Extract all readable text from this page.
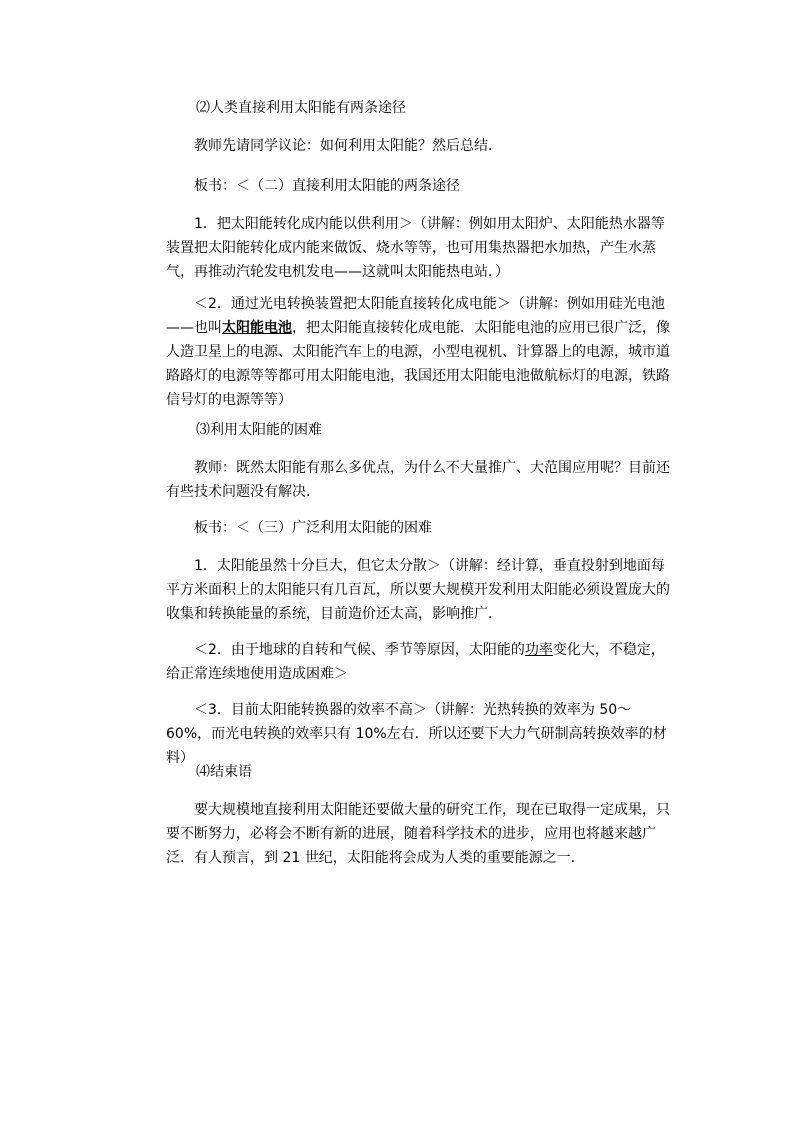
⑵人类直接利用太阳能有两条途径

教师先请同学议论：如何利用太阳能？然后总结．

板书：＜（二）直接利用太阳能的两条途径

1．把太阳能转化成内能以供利用＞（讲解：例如用太阳炉、太阳能热水器等装置把太阳能转化成内能来做饭、烧水等等，也可用集热器把水加热，产生水蒸气，再推动汽轮发电机发电——这就叫太阳能热电站．）

＜2．通过光电转换装置把太阳能直接转化成电能＞（讲解：例如用硅光电池——也叫太阳能电池，把太阳能直接转化成电能．太阳能电池的应用已很广泛，像人造卫星上的电源、太阳能汽车上的电源，小型电视机、计算器上的电源，城市道路路灯的电源等等都可用太阳能电池，我国还用太阳能电池做航标灯的电源，铁路信号灯的电源等等）

⑶利用太阳能的困难

教师：既然太阳能有那么多优点，为什么不大量推广、大范围应用呢？目前还有些技术问题没有解决．

板书：＜（三）广泛利用太阳能的困难

1．太阳能虽然十分巨大，但它太分散＞（讲解：经计算，垂直投射到地面每平方米面积上的太阳能只有几百瓦，所以要大规模开发利用太阳能必须设置庞大的收集和转换能量的系统，目前造价还太高，影响推广．

＜2．由于地球的自转和气候、季节等原因，太阳能的功率变化大，不稳定，给正常连续地使用造成困难＞

＜3．目前太阳能转换器的效率不高＞（讲解：光热转换的效率为 50～60%，而光电转换的效率只有 10%左右．所以还要下大力气研制高转换效率的材料）

⑷结束语

要大规模地直接利用太阳能还要做大量的研究工作，现在已取得一定成果，只要不断努力，必将会不断有新的进展，随着科学技术的进步，应用也将越来越广泛．有人预言，到 21 世纪，太阳能将会成为人类的重要能源之一．
